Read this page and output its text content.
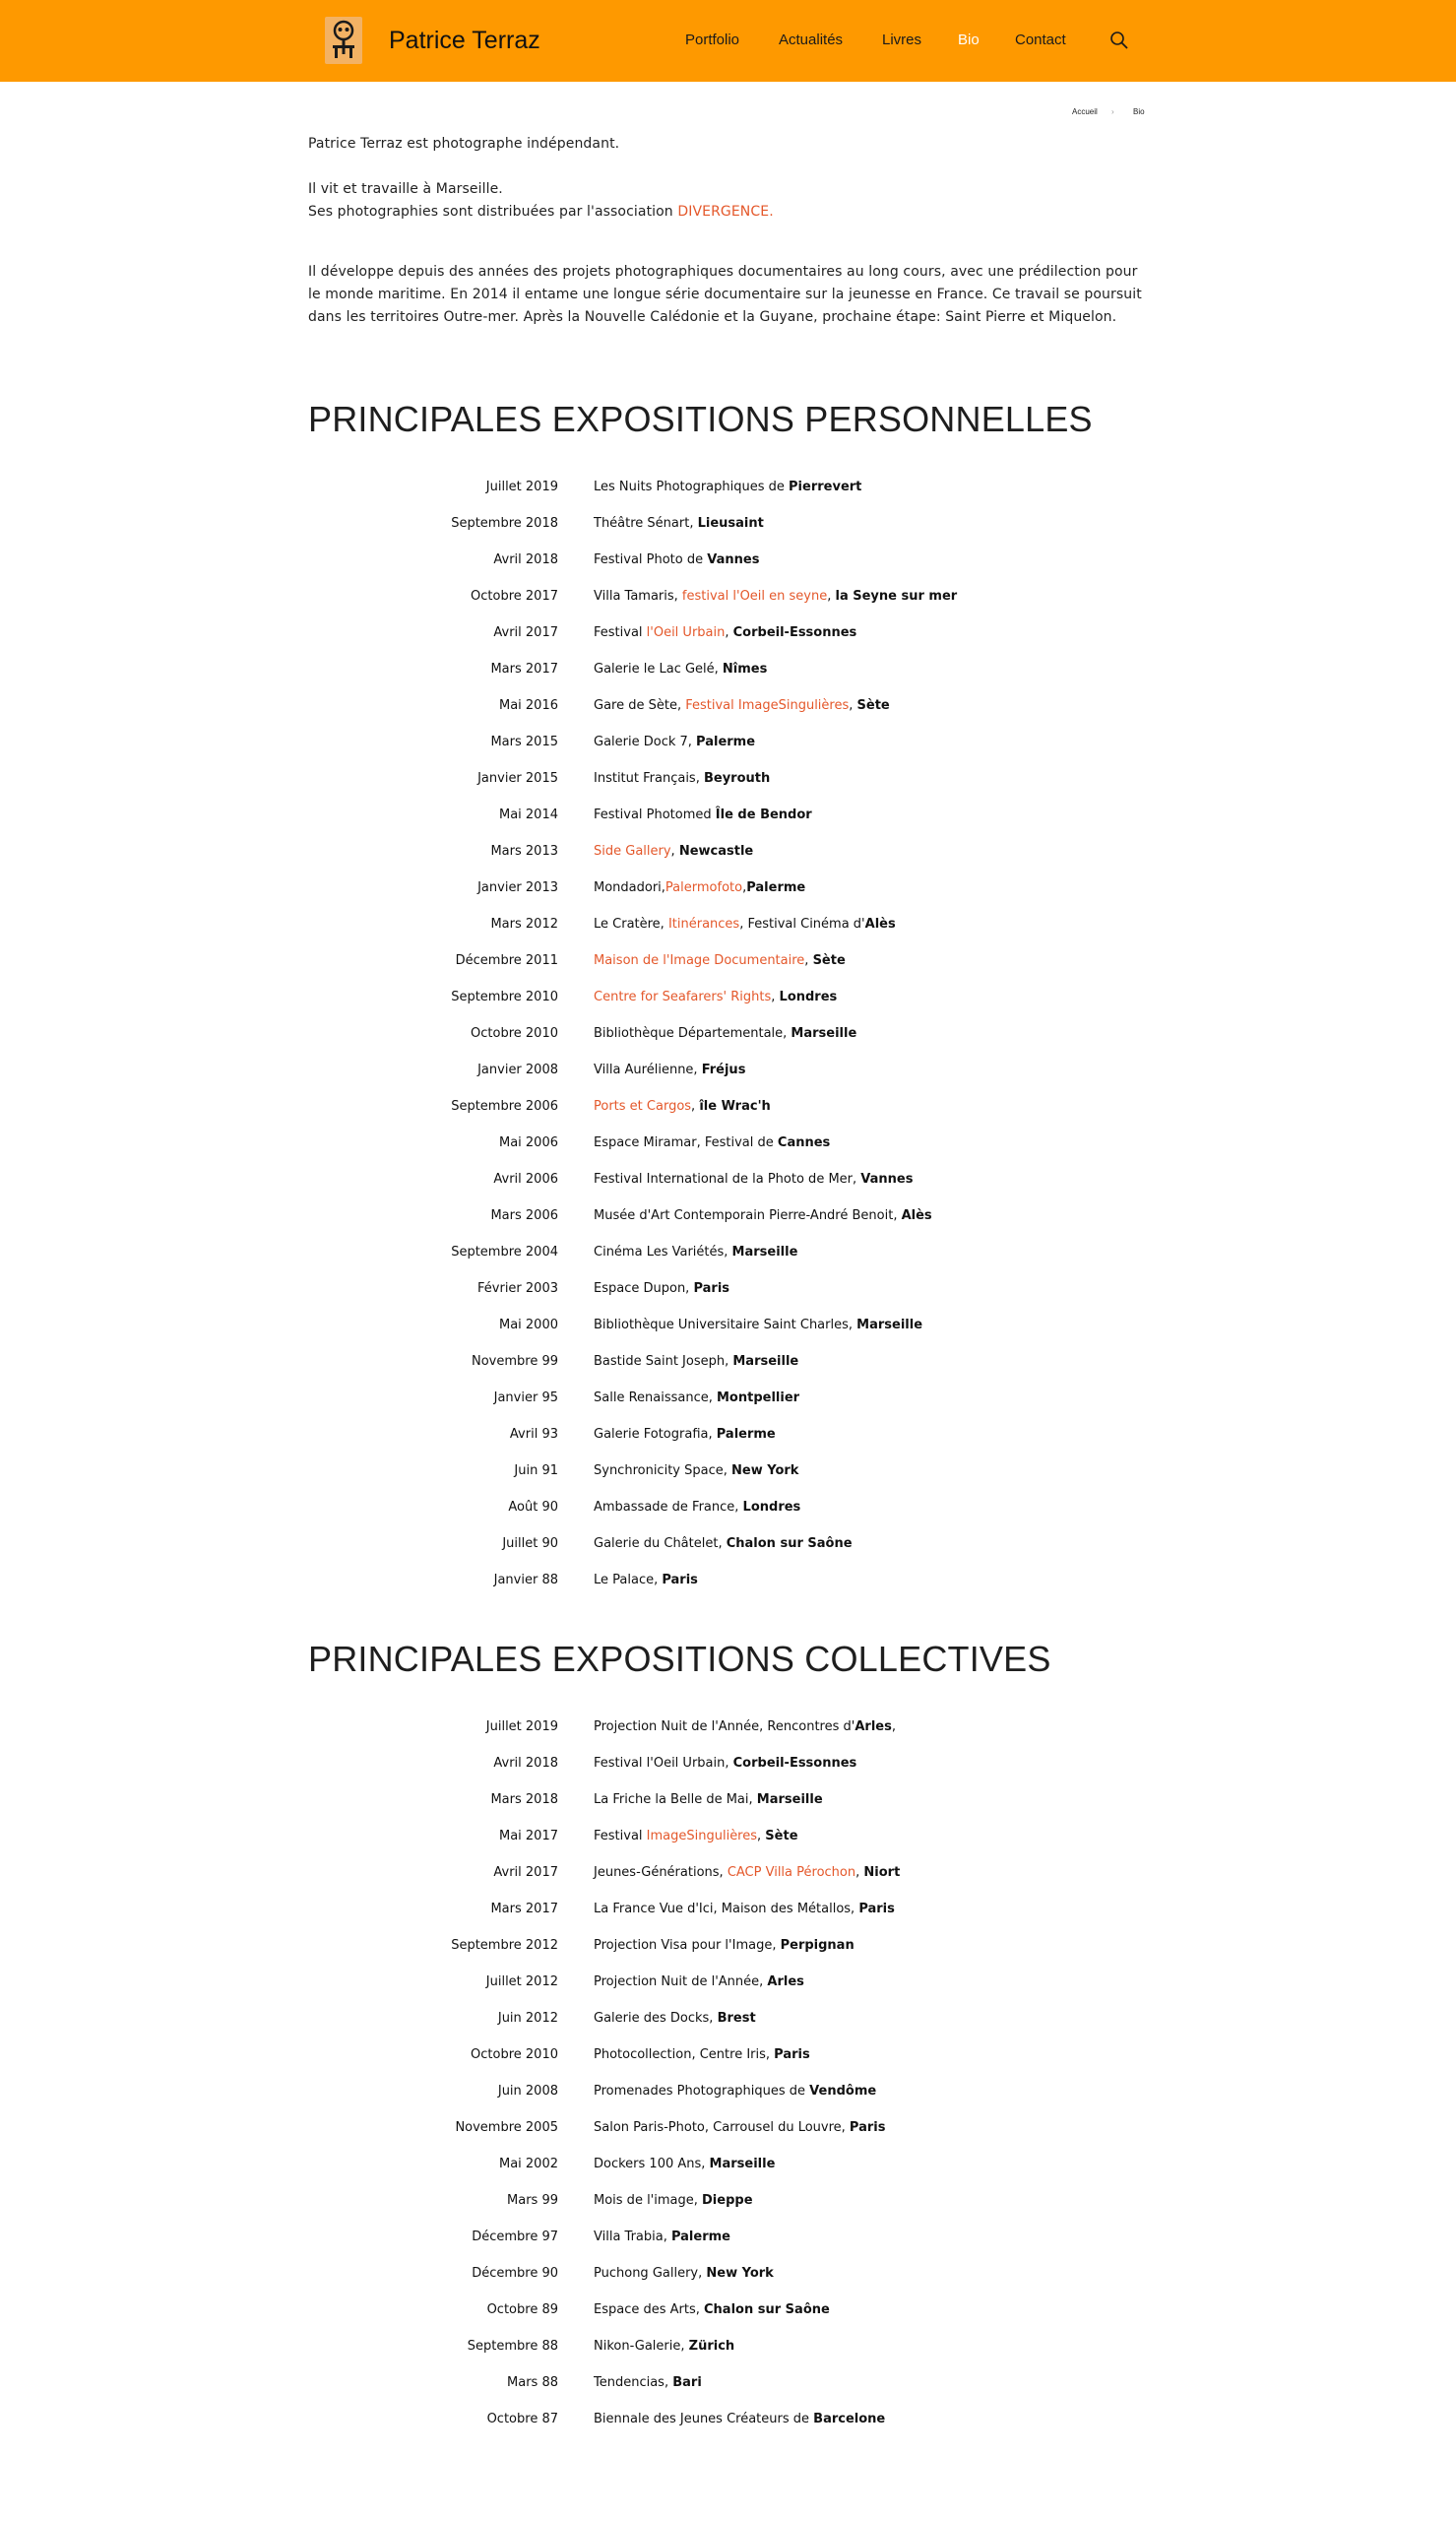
Patrice Terraz	Portfolio	Actualités	Livres Bio Contact
Accueil › Bio
Patrice Terraz est photographe indépendant.
Il vit et travaille à Marseille.
Ses photographies sont distribuées par l'association DIVERGENCE.
Il développe depuis des années des projets photographiques documentaires au long cours, avec une prédilection pour le monde maritime. En 2014 il entame une longue série documentaire sur la jeunesse en France. Ce travail se poursuit dans les territoires Outre-mer. Après la Nouvelle Calédonie et la Guyane, prochaine étape: Saint Pierre et Miquelon.
PRINCIPALES EXPOSITIONS PERSONNELLES
Juillet 2019	Les Nuits Photographiques de Pierrevert
Septembre 2018	Théâtre Sénart, Lieusaint
Avril 2018	Festival Photo de Vannes
Octobre 2017	Villa Tamaris, festival l'Oeil en seyne, la Seyne sur mer
Avril 2017	Festival l'Oeil Urbain, Corbeil-Essonnes
Mars 2017	Galerie le Lac Gelé, Nîmes
Mai 2016	Gare de Sète, Festival ImageSingulières, Sète
Mars 2015	Galerie Dock 7, Palerme
Janvier 2015	Institut Français, Beyrouth
Mai 2014	Festival Photomed Île de Bendor
Mars 2013	Side Gallery, Newcastle
Janvier 2013	Mondadori,Palermofoto,Palerme
Mars 2012	Le Cratère, Itinérances, Festival Cinéma d'Alès
Décembre 2011	Maison de l'Image Documentaire, Sète
Septembre 2010	Centre for Seafarers' Rights, Londres
Octobre 2010	Bibliothèque Départementale, Marseille
Janvier 2008	Villa Aurélienne, Fréjus
Septembre 2006	Ports et Cargos, île Wrac'h
Mai 2006	Espace Miramar, Festival de Cannes
Avril 2006	Festival International de la Photo de Mer, Vannes
Mars 2006	Musée d'Art Contemporain Pierre-André Benoit, Alès
Septembre 2004	Cinéma Les Variétés, Marseille
Février 2003	Espace Dupon, Paris
Mai 2000	Bibliothèque Universitaire Saint Charles, Marseille
Novembre 99	Bastide Saint Joseph, Marseille
Janvier 95	Salle Renaissance, Montpellier
Avril 93	Galerie Fotografia, Palerme
Juin 91	Synchronicity Space, New York
Août 90	Ambassade de France, Londres
Juillet 90	Galerie du Châtelet, Chalon sur Saône
Janvier 88	Le Palace, Paris
PRINCIPALES EXPOSITIONS COLLECTIVES
Juillet 2019	Projection Nuit de l'Année, Rencontres d'Arles,
Avril 2018	Festival l'Oeil Urbain, Corbeil-Essonnes
Mars 2018	La Friche la Belle de Mai, Marseille
Mai 2017	Festival ImageSingulières, Sète
Avril 2017	Jeunes-Générations, CACP Villa Pérochon, Niort
Mars 2017	La France Vue d'Ici, Maison des Métallos, Paris
Septembre 2012	Projection Visa pour l'Image, Perpignan
Juillet 2012	Projection Nuit de l'Année, Arles
Juin 2012	Galerie des Docks, Brest
Octobre 2010	Photocollection, Centre Iris, Paris
Juin 2008	Promenades Photographiques de Vendôme
Novembre 2005	Salon Paris-Photo, Carrousel du Louvre, Paris
Mai 2002	Dockers 100 Ans, Marseille
Mars 99	Mois de l'image, Dieppe
Décembre 97	Villa Trabia, Palerme
Décembre 90	Puchong Gallery, New York
Octobre 89	Espace des Arts, Chalon sur Saône
Septembre 88	Nikon-Galerie, Zürich
Mars 88	Tendencias, Bari
Octobre 87	Biennale des Jeunes Créateurs de Barcelone
